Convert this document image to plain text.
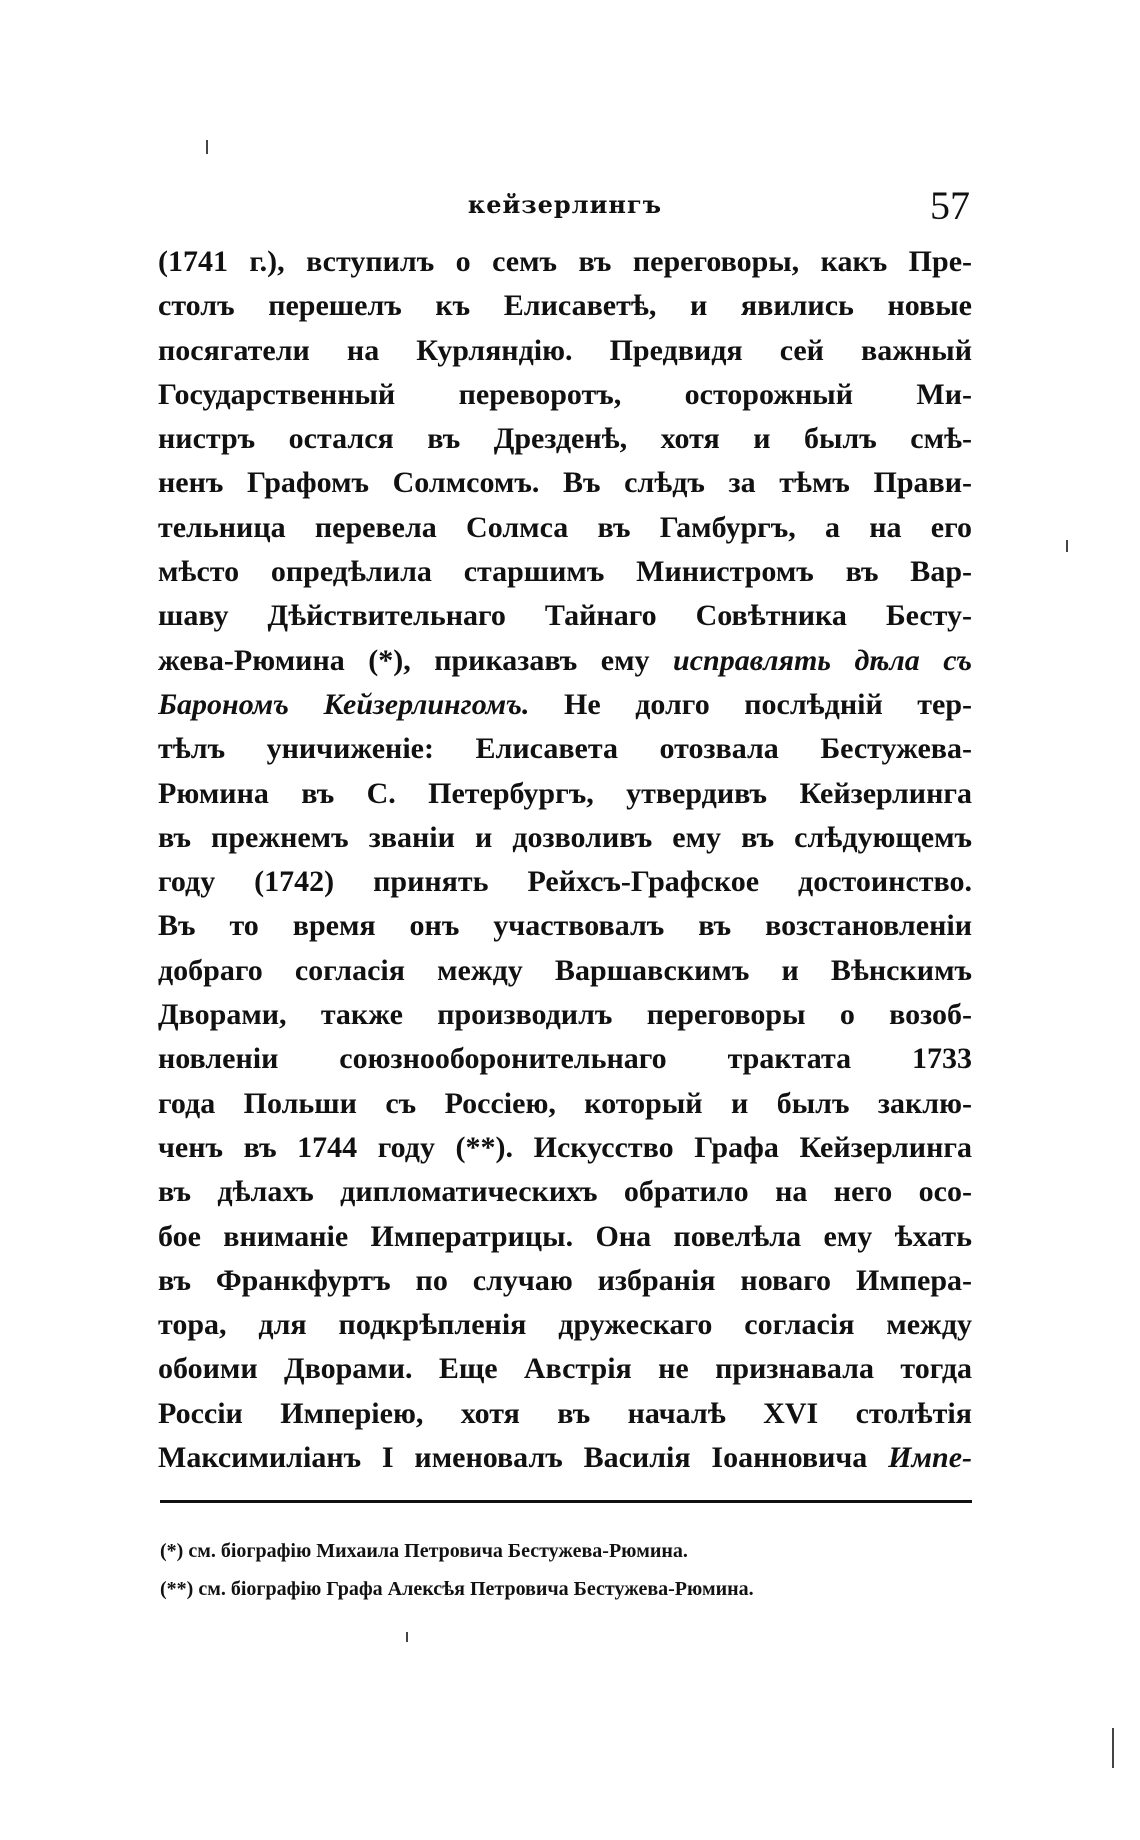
кейзерлингъ	57
(1741 г.), вступилъ о семъ въ переговоры, какъ Пре-
столъ перешелъ къ Елисаветѣ, и явились новые
посягатели на Курляндію. Предвидя сей важный
Государственный переворотъ, осторожный Ми-
нистръ остался въ Дрезденѣ, хотя и былъ смѣ-
ненъ Графомъ Солмсомъ. Въ слѣдъ за тѣмъ Прави-
тельница перевела Солмса въ Гамбургъ, а на его
мѣсто опредѣлила старшимъ Министромъ въ Вар-
шаву Дѣйствительнаго Тайнаго Совѣтника Бесту-
жева-Рюмина (*), приказавъ ему исправлять дѣла съ
Барономъ Кейзерлингомъ. Не долго послѣдній тер-
тѣлъ уничиженіе: Елисавета отозвала Бестужева-
Рюмина въ С. Петербургъ, утвердивъ Кейзерлинга
въ прежнемъ званіи и дозволивъ ему въ слѣдующемъ
году (1742) принять Рейхсъ-Графское достоинство.
Въ то время онъ участвовалъ въ возстановленіи
добраго согласія между Варшавскимъ и Вѣнскимъ
Дворами, также производилъ переговоры о возоб-
новленіи союзнооборонительнаго трактата 1733
года Польши съ Россіею, который и былъ заклю-
ченъ въ 1744 году (**). Искусство Графа Кейзерлинга
въ дѣлахъ дипломатическихъ обратило на него осо-
бое вниманіе Императрицы. Она повелѣла ему ѣхать
въ Франкфуртъ по случаю избранія новаго Импера-
тора, для подкрѣпленія дружескаго согласія между
обоими Дворами. Еще Австрія не признавала тогда
Россіи Имперіею, хотя въ началѣ XVI столѣтія
Максимиліанъ I именовалъ Василія Іоанновича Импе-
(*) см. біографію Михаила Петровича Бестужева-Рюмина.
(**) см. біографію Графа Алексѣя Петровича Бестужева-Рюмина.
